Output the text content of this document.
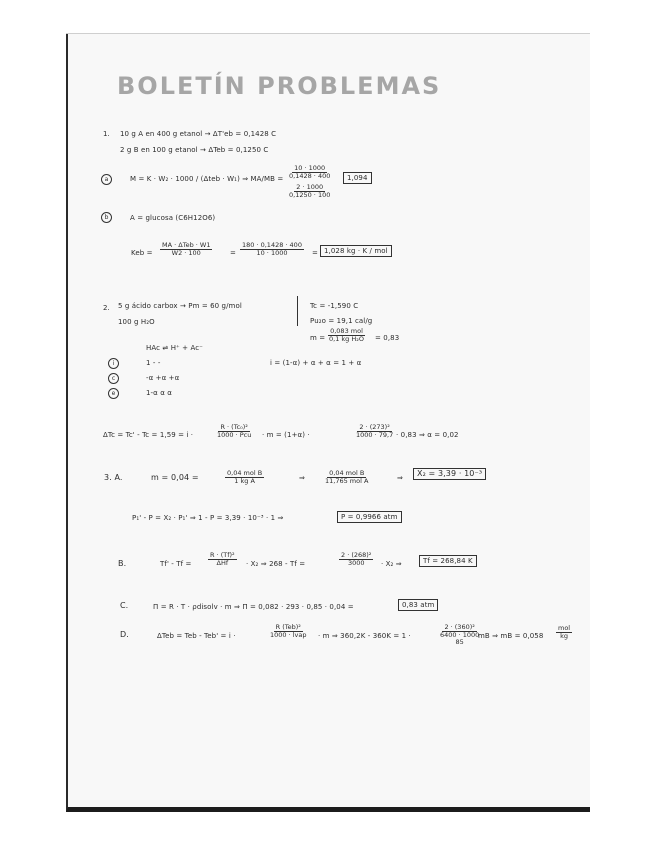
BOLETÍN PROBLEMAS
1. 10 g A en 400 g etanol → ΔT'eb = 0,1428 C
2 g B en 100 g etanol → ΔTeb = 0,1250 C
a	M = K · W₂ · 1000 / (Δteb · W₁) ⇒ $MA/MB = \frac{10 \cdot 1000}{0,1428 \cdot 400}$
$\frac{2 \cdot 1000}{0,1250 \cdot 100}$
1,094
b	A = glucosa (C6H12O6)
Keb =
MA · ΔTeb · W1
W2 · 100	= $\frac{180 \cdot 0,1428 \cdot 400}{10 \cdot 1000} = 1,028$ kg · K / mol
2. 5 g ácido carbox → Pm = 60 g/mol
100 g H₂O
Tc = -1,590 C
Pu₂o = 19,1 cal/g
m =
0,083 mol
0,1 kg H₂O = 0,83
HAc ⇌ H⁺ + Ac⁻
i
c
e
1 - -
-α +α +α
1-α α α
i = (1-α) + α + α = 1 + α
ΔTc = Tc' - Tc = 1,59 = i ·
R · (Tc₀)²
1000 · Pcu · m = (1+α) ·	$\frac{\text{2 · (273)²}}{1000 \cdot 79,7} \cdot 0,83$ ⇒ α = 0,02
3. A.	m = 0,04 =	0,04 mol B
1 kg A	⇒
0,04 mol B
11,765 mol A	⇒	X₂ = 3,39 · 10⁻³
P₁' - P = X₂ · P₁' ⇒ 1 - P = 3,39 · 10⁻³ · 1 ⇒	P = 0,9966 atm
B.	Tf' - Tf =
R · (Tf)²
ΔHf	· X₂ ⇒ 268 - Tf =	$\frac{\text{2 · (268)²}}{3000} \cdot X_2$ ⇒	Tf = 268,84 K
C.	Π = R · T · ρdisolv · m ⇒ Π = 0,082 · 293 · 0,85 · 0,04 =	0,83 atm
D.	ΔTeb = Teb - Teb' = i ·
R (Teb)²
1000 · lvap · m ⇒ 360,2K - 360K = 1 ·
2 · (360)²
6400 · 1000
85
mB ⇒ mB = 0,058
mol
kg
